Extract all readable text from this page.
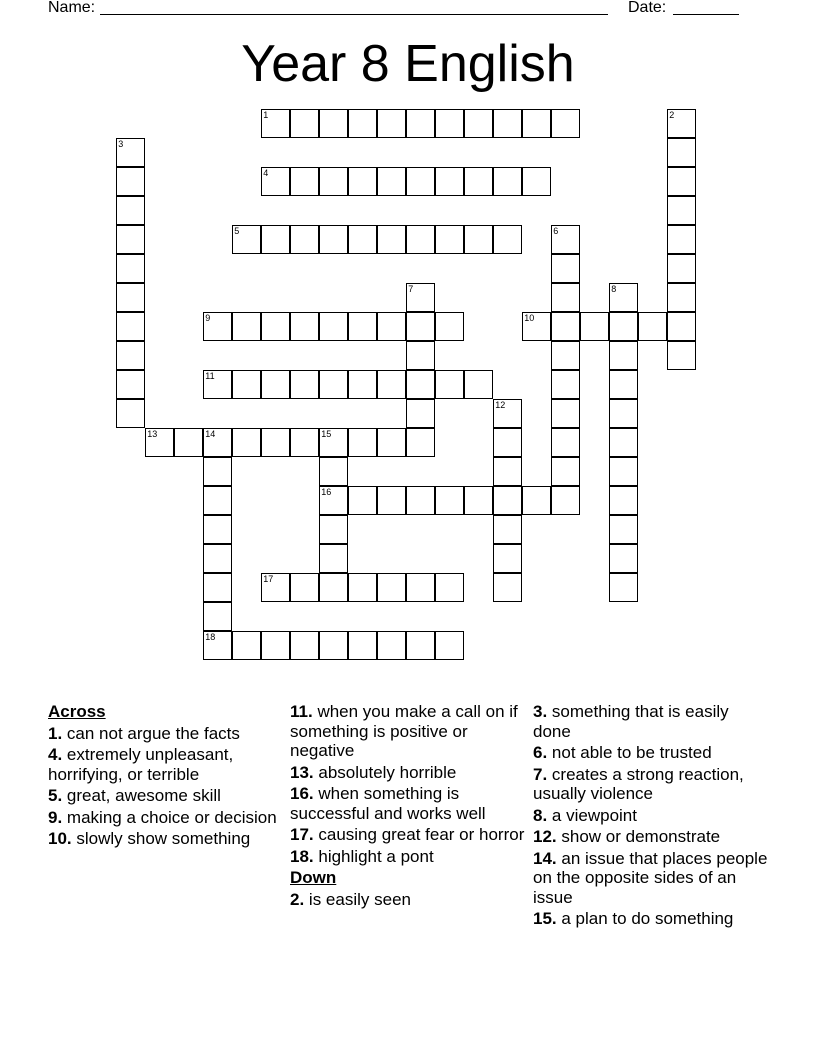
Name:	Date:
Year 8 English
1	2
3
4
5	6
7	8
9	10
11
12
13	14	15
18
16
17
Across
1. can not argue the facts
4. extremely unpleasant, horrifying, or terrible
5. great, awesome skill
9. making a choice or decision
10. slowly show something
11. when you make a call on if something is positive or negative
13. absolutely horrible
16. when something is successful and works well
17. causing great fear or horror
18. highlight a pont
Down
2. is easily seen
3. something that is easily done
6. not able to be trusted
7. creates a strong reaction, usually violence
8. a viewpoint
12. show or demonstrate
14. an issue that places people on the opposite sides of an issue
15. a plan to do something
